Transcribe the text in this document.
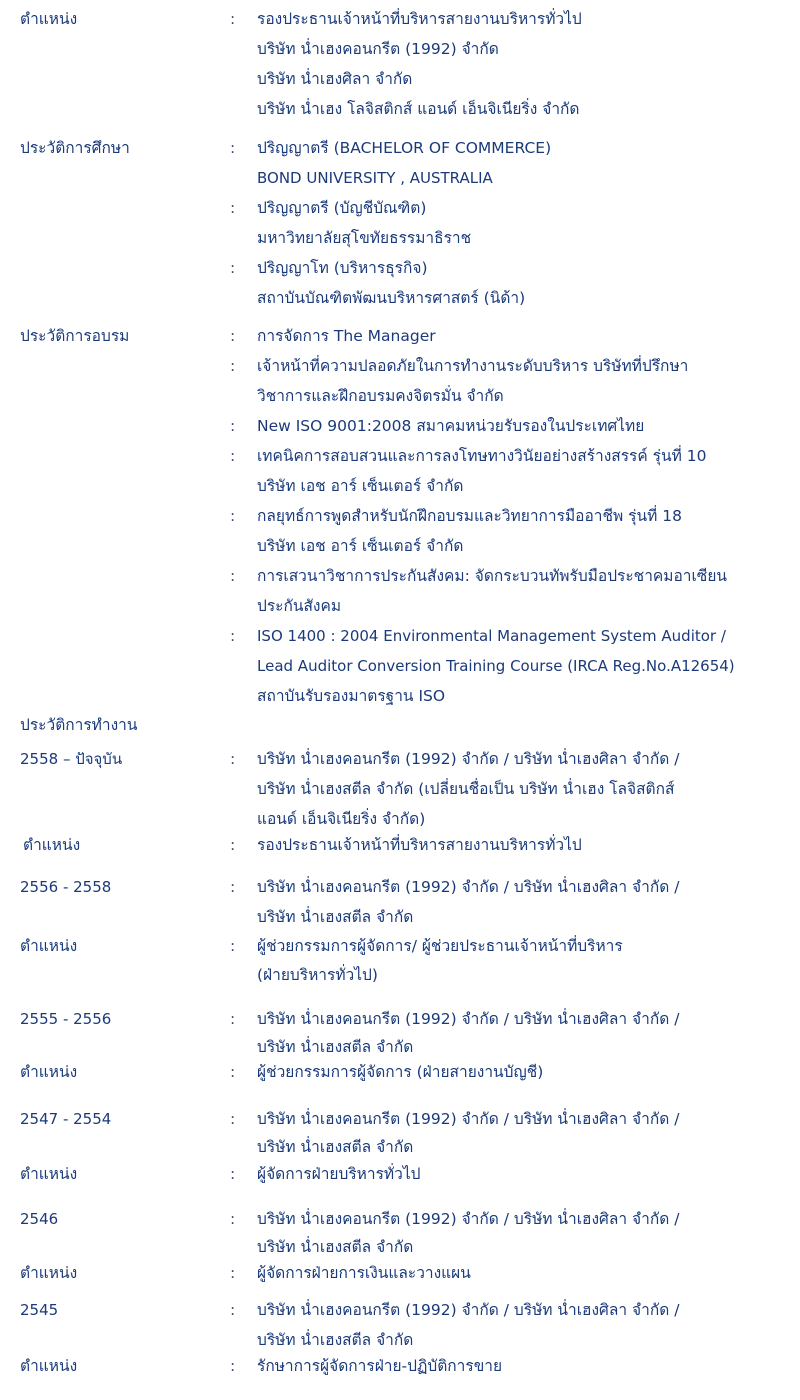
ตำแหน่ง	: รองประธานเจ้าหน้าที่บริหารสายงานบริหารทั่วไป
บริษัท น่ำเฮงคอนกรีต (1992) จำกัด
บริษัท น่ำเฮงศิลา จำกัด
บริษัท น่ำเฮง โลจิสติกส์ แอนด์ เอ็นจิเนียริ่ง จำกัด
ประวัติการศึกษา	: ปริญญาตรี (BACHELOR OF COMMERCE)
BOND UNIVERSITY , AUSTRALIA
: ปริญญาตรี (บัญชีบัณฑิต)
มหาวิทยาลัยสุโขทัยธรรมาธิราช
: ปริญญาโท (บริหารธุรกิจ)
สถาบันบัณฑิตพัฒนบริหารศาสตร์ (นิด้า)
ประวัติการอบรม	: การจัดการ The Manager
: เจ้าหน้าที่ความปลอดภัยในการทำงานระดับบริหาร บริษัทที่ปรึกษา
วิชาการและฝึกอบรมคงจิตรมั่น จำกัด
: New ISO 9001:2008 สมาคมหน่วยรับรองในประเทศไทย
: เทคนิคการสอบสวนและการลงโทษทางวินัยอย่างสร้างสรรค์ รุ่นที่ 10
บริษัท เอช อาร์ เซ็นเตอร์ จำกัด
: กลยุทธ์การพูดสำหรับนักฝึกอบรมและวิทยาการมืออาชีพ รุ่นที่ 18
บริษัท เอช อาร์ เซ็นเตอร์ จำกัด
: การเสวนาวิชาการประกันสังคม: จัดกระบวนทัพรับมือประชาคมอาเซียน
ประกันสังคม
: ISO 1400 : 2004 Environmental Management System Auditor /
Lead Auditor Conversion Training Course (IRCA Reg.No.A12654)
สถาบันรับรองมาตรฐาน ISO
ประวัติการทำงาน
2558 – ปัจจุบัน	: บริษัท น่ำเฮงคอนกรีต (1992) จำกัด / บริษัท น่ำเฮงศิลา จำกัด /
บริษัท น่ำเฮงสตีล จำกัด (เปลี่ยนชื่อเป็น บริษัท น่ำเฮง โลจิสติกส์
แอนด์ เอ็นจิเนียริ่ง จำกัด)
ตำแหน่ง	: รองประธานเจ้าหน้าที่บริหารสายงานบริหารทั่วไป
2556 - 2558	: บริษัท น่ำเฮงคอนกรีต (1992) จำกัด / บริษัท น่ำเฮงศิลา จำกัด /
บริษัท น่ำเฮงสตีล จำกัด
ตำแหน่ง	: ผู้ช่วยกรรมการผู้จัดการ/ ผู้ช่วยประธานเจ้าหน้าที่บริหาร
(ฝ่ายบริหารทั่วไป)
2555 - 2556	: บริษัท น่ำเฮงคอนกรีต (1992) จำกัด / บริษัท น่ำเฮงศิลา จำกัด /
บริษัท น่ำเฮงสตีล จำกัด
ตำแหน่ง	: ผู้ช่วยกรรมการผู้จัดการ (ฝ่ายสายงานบัญชี)
2547 - 2554	: บริษัท น่ำเฮงคอนกรีต (1992) จำกัด / บริษัท น่ำเฮงศิลา จำกัด /
บริษัท น่ำเฮงสตีล จำกัด
ตำแหน่ง	: ผู้จัดการฝ่ายบริหารทั่วไป
2546	: บริษัท น่ำเฮงคอนกรีต (1992) จำกัด / บริษัท น่ำเฮงศิลา จำกัด /
บริษัท น่ำเฮงสตีล จำกัด
ตำแหน่ง	: ผู้จัดการฝ่ายการเงินและวางแผน
2545	: บริษัท น่ำเฮงคอนกรีต (1992) จำกัด / บริษัท น่ำเฮงศิลา จำกัด /
บริษัท น่ำเฮงสตีล จำกัด
ตำแหน่ง	: รักษาการผู้จัดการฝ่าย-ปฏิบัติการขาย
